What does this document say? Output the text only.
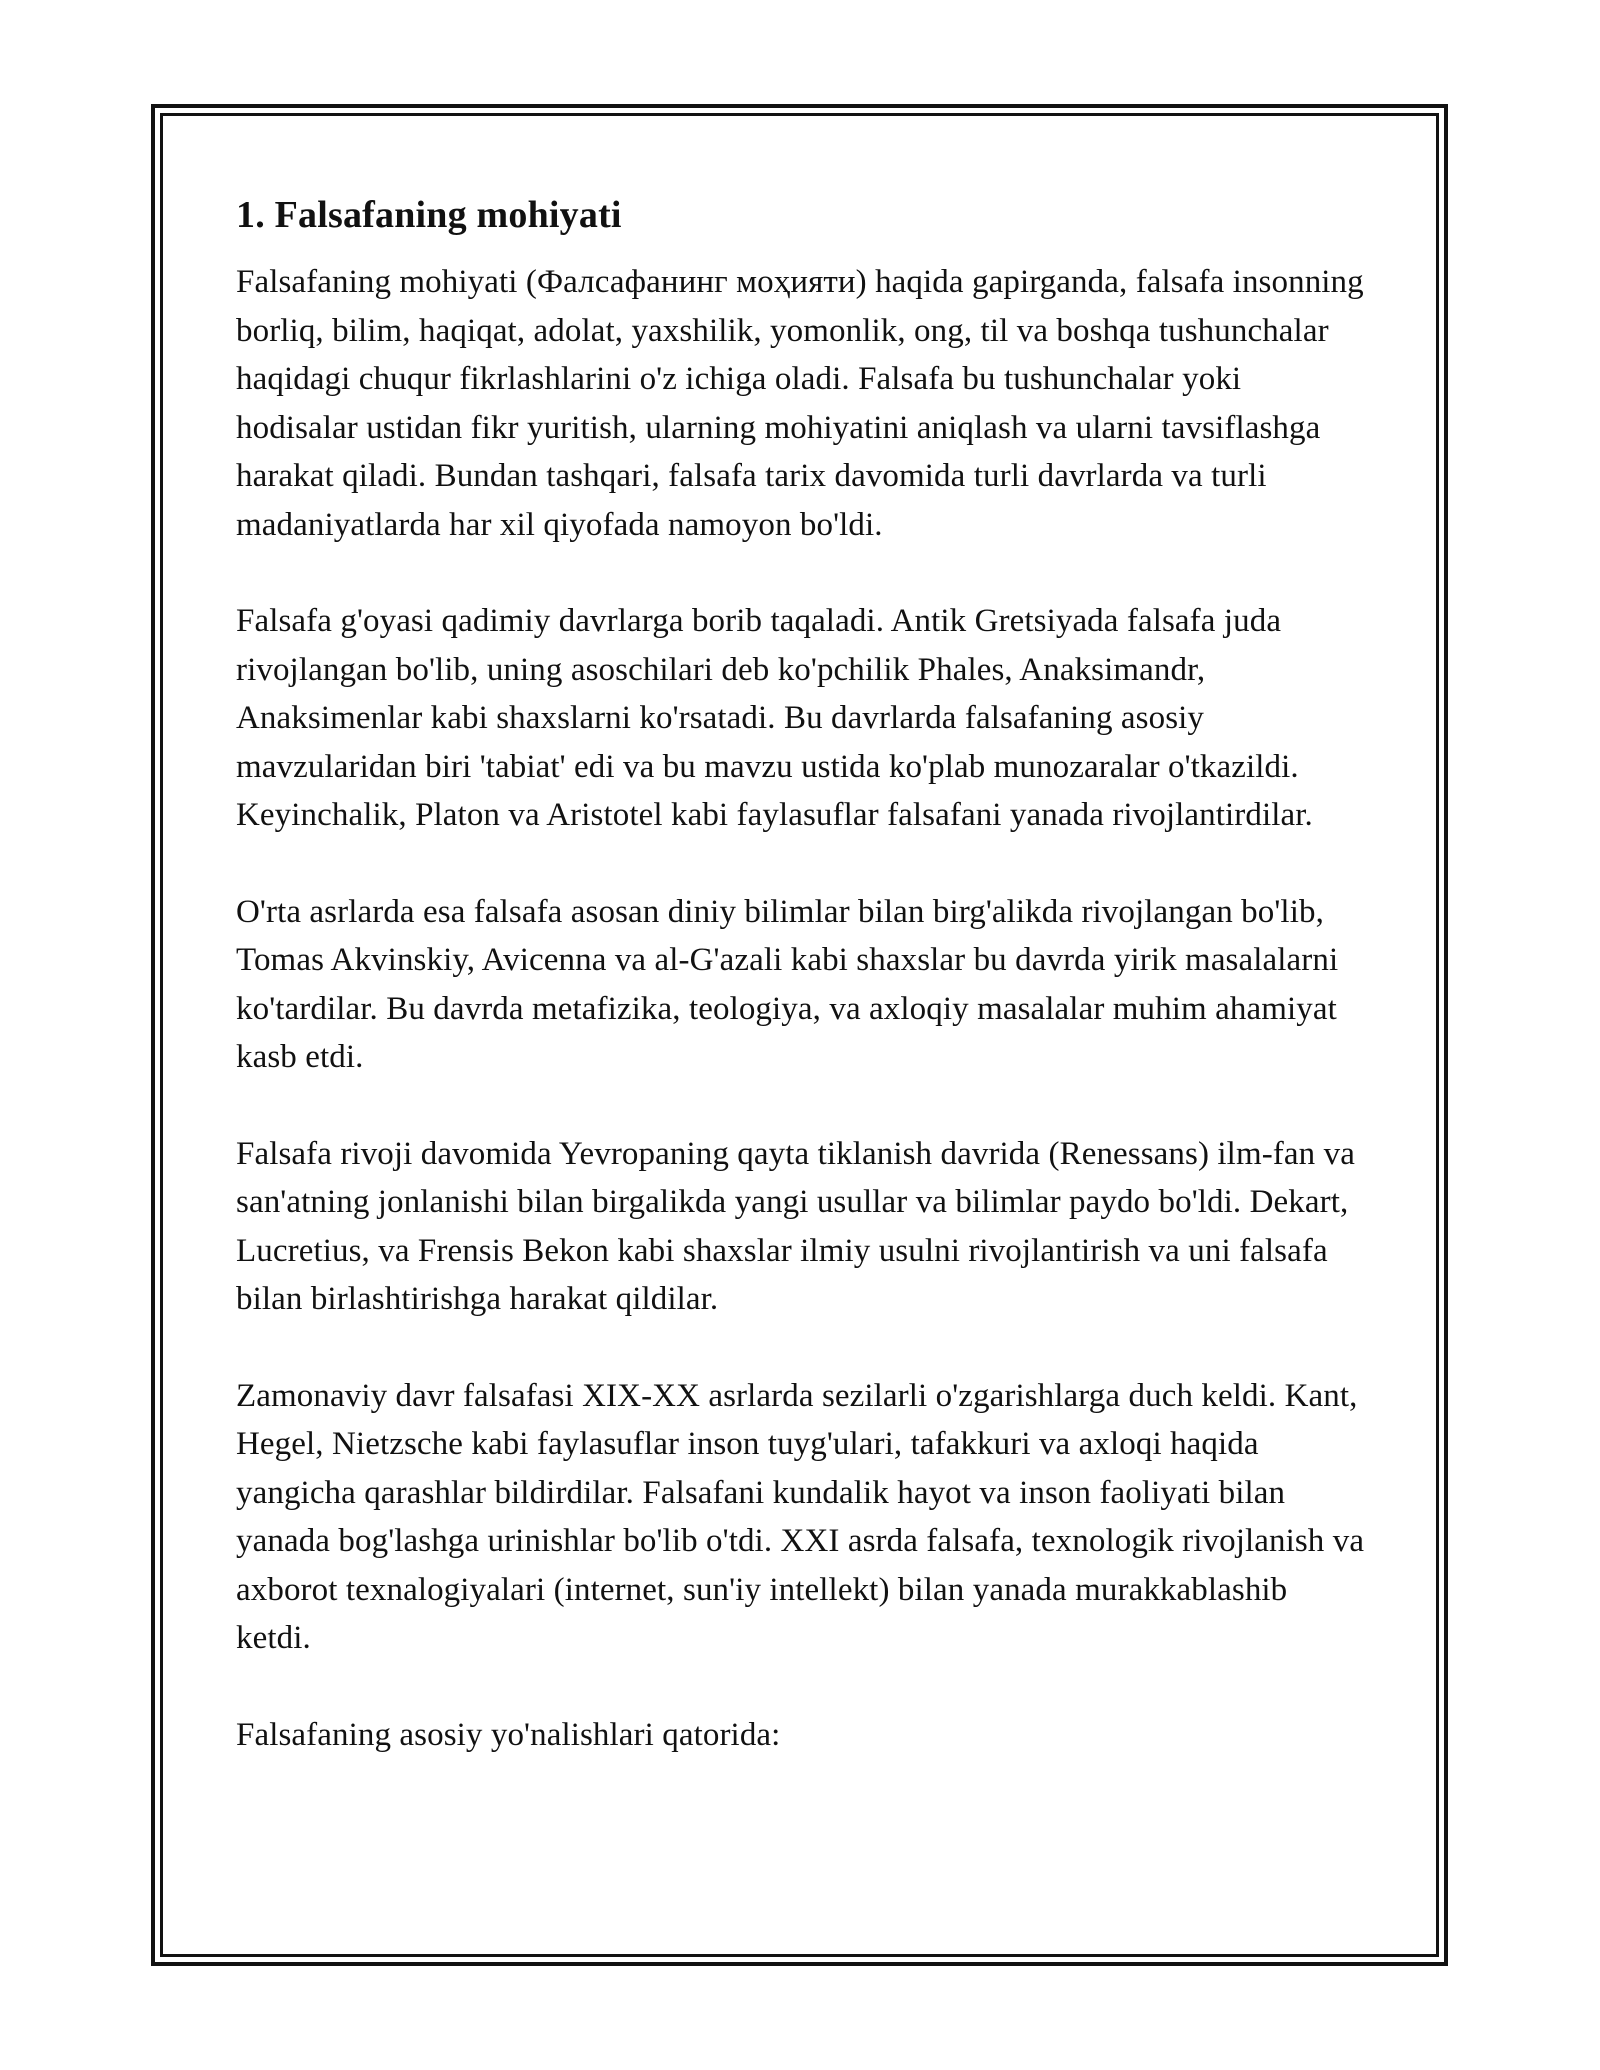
1. Falsafaning mohiyati

Falsafaning mohiyati (Фалсафанинг моҳияти) haqida gapirganda, falsafa insonning borliq, bilim, haqiqat, adolat, yaxshilik, yomonlik, ong, til va boshqa tushunchalar haqidagi chuqur fikrlashlarini o'z ichiga oladi. Falsafa bu tushunchalar yoki hodisalar ustidan fikr yuritish, ularning mohiyatini aniqlash va ularni tavsiflashga harakat qiladi. Bundan tashqari, falsafa tarix davomida turli davrlarda va turli madaniyatlarda har xil qiyofada namoyon bo'ldi.

Falsafa g'oyasi qadimiy davrlarga borib taqaladi. Antik Gretsiyada falsafa juda rivojlangan bo'lib, uning asoschilari deb ko'pchilik Phales, Anaksimandr, Anaksimenlar kabi shaxslarni ko'rsatadi. Bu davrlarda falsafaning asosiy mavzularidan biri 'tabiat' edi va bu mavzu ustida ko'plab munozaralar o'tkazildi. Keyinchalik, Platon va Aristotel kabi faylasuflar falsafani yanada rivojlantirdilar.

O'rta asrlarda esa falsafa asosan diniy bilimlar bilan birg'alikda rivojlangan bo'lib, Tomas Akvinskiy, Avicenna va al-G'azali kabi shaxslar bu davrda yirik masalalarni ko'tardilar. Bu davrda metafizika, teologiya, va axloqiy masalalar muhim ahamiyat kasb etdi.

Falsafa rivoji davomida Yevropaning qayta tiklanish davrida (Renessans) ilm-fan va san'atning jonlanishi bilan birgalikda yangi usullar va bilimlar paydo bo'ldi. Dekart, Lucretius, va Frensis Bekon kabi shaxslar ilmiy usulni rivojlantirish va uni falsafa bilan birlashtirishga harakat qildilar.

Zamonaviy davr falsafasi XIX-XX asrlarda sezilarli o'zgarishlarga duch keldi. Kant, Hegel, Nietzsche kabi faylasuflar inson tuyg'ulari, tafakkuri va axloqi haqida yangicha qarashlar bildirdilar. Falsafani kundalik hayot va inson faoliyati bilan yanada bog'lashga urinishlar bo'lib o'tdi. XXI asrda falsafa, texnologik rivojlanish va axborot texnalogiyalari (internet, sun'iy intellekt) bilan yanada murakkablashib ketdi.

Falsafaning asosiy yo'nalishlari qatorida:
